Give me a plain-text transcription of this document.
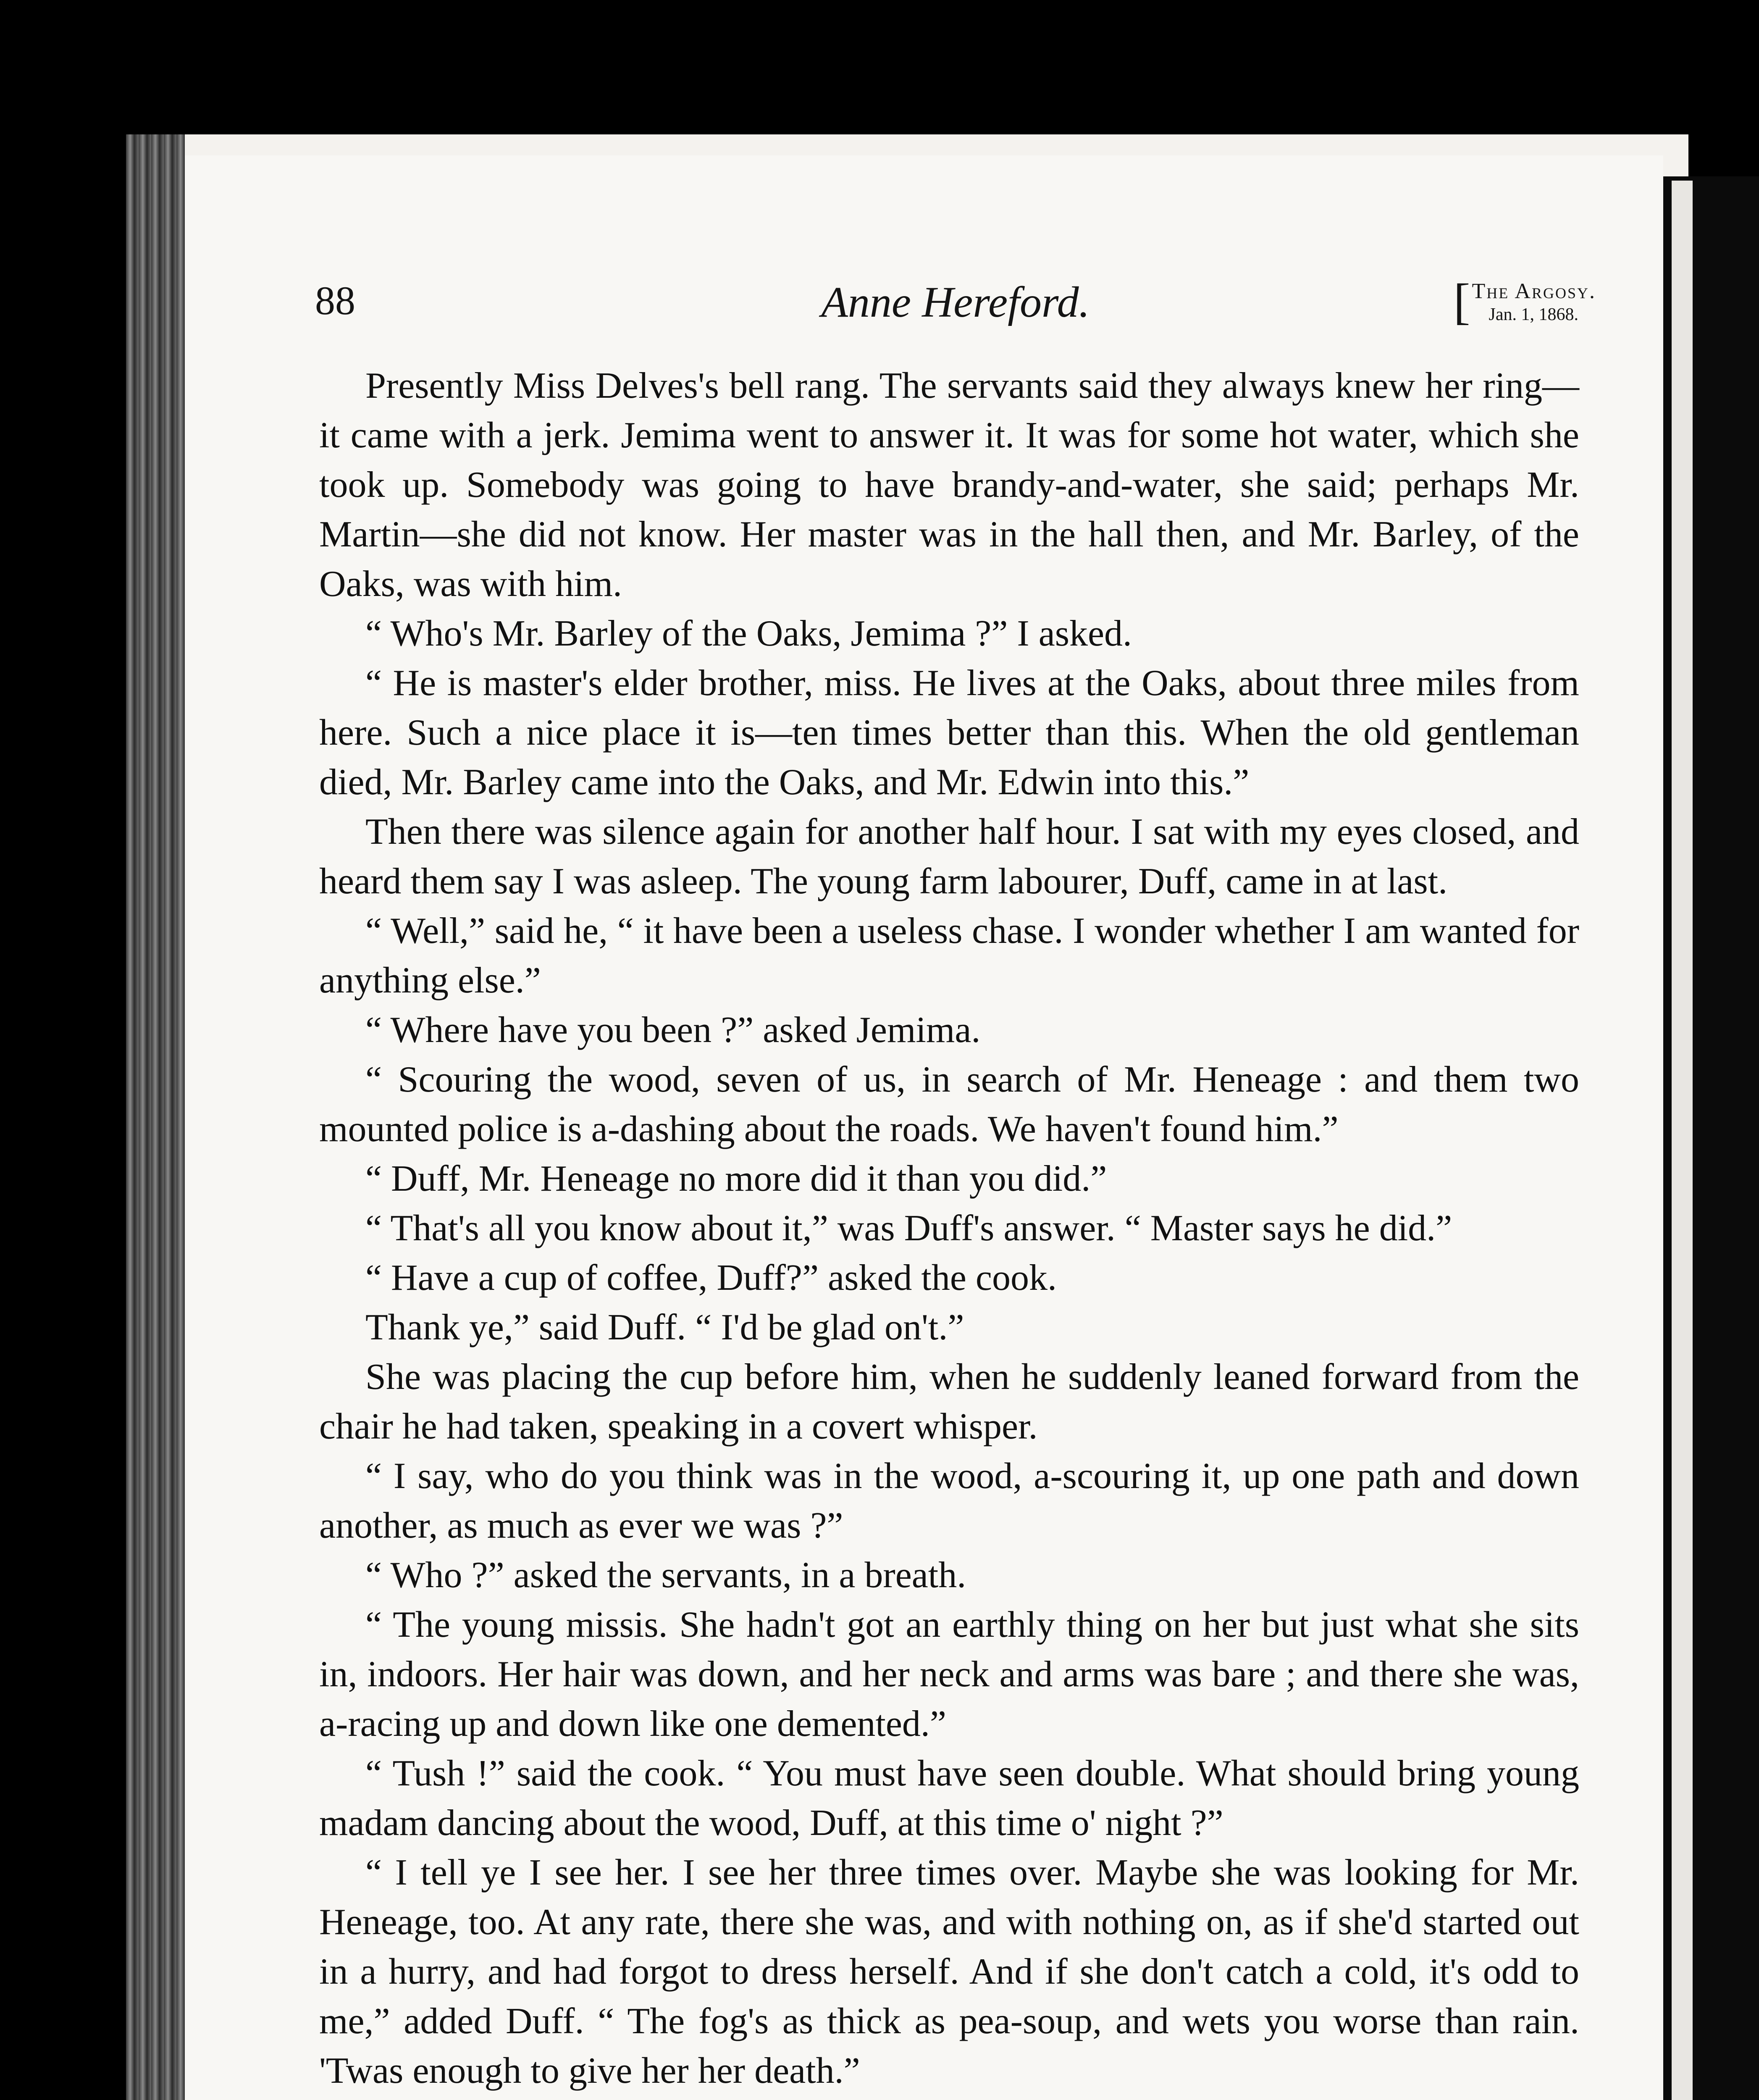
88	Anne Hereford.	[ The Argosy.
Jan. 1, 1868.

Presently Miss Delves's bell rang. The servants said they always knew her ring—it came with a jerk. Jemima went to answer it. It was for some hot water, which she took up. Somebody was going to have brandy-and-water, she said; perhaps Mr. Martin—she did not know. Her master was in the hall then, and Mr. Barley, of the Oaks, was with him.

“ Who's Mr. Barley of the Oaks, Jemima ?” I asked.

“ He is master's elder brother, miss. He lives at the Oaks, about three miles from here. Such a nice place it is—ten times better than this. When the old gentleman died, Mr. Barley came into the Oaks, and Mr. Edwin into this.”

Then there was silence again for another half hour. I sat with my eyes closed, and heard them say I was asleep. The young farm labourer, Duff, came in at last.

“ Well,” said he, “ it have been a useless chase. I wonder whether I am wanted for anything else.”

“ Where have you been ?” asked Jemima.

“ Scouring the wood, seven of us, in search of Mr. Heneage : and them two mounted police is a-dashing about the roads. We haven't found him.”

“ Duff, Mr. Heneage no more did it than you did.”

“ That's all you know about it,” was Duff's answer. “ Master says he did.”

“ Have a cup of coffee, Duff?” asked the cook.

Thank ye,” said Duff. “ I'd be glad on't.”

She was placing the cup before him, when he suddenly leaned forward from the chair he had taken, speaking in a covert whisper.

“ I say, who do you think was in the wood, a-scouring it, up one path and down another, as much as ever we was ?”

“ Who ?” asked the servants, in a breath.

“ The young missis. She hadn't got an earthly thing on her but just what she sits in, indoors. Her hair was down, and her neck and arms was bare ; and there she was, a-racing up and down like one demented.”

“ Tush !” said the cook. “ You must have seen double. What should bring young madam dancing about the wood, Duff, at this time o' night ?”

“ I tell ye I see her. I see her three times over. Maybe she was looking for Mr. Heneage, too. At any rate, there she was, and with nothing on, as if she'd started out in a hurry, and had forgot to dress herself. And if she don't catch a cold, it's odd to me,” added Duff. “ The fog's as thick as pea-soup, and wets you worse than rain. 'Twas enough to give her her death.”
